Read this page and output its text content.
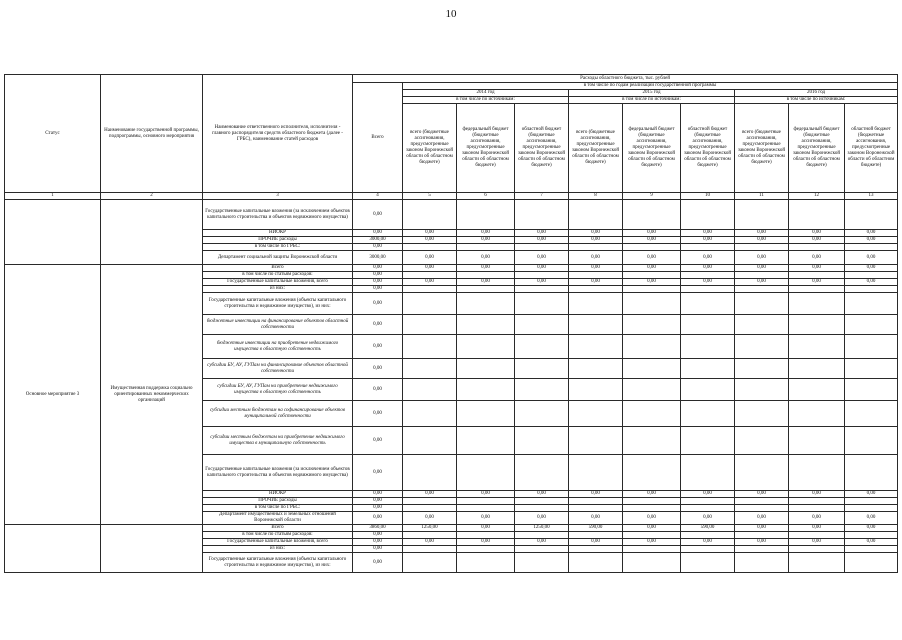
10
Статус	Наименование государственной программы, подпрограммы, основного мероприятия	Наименование ответственного исполнителя, исполнителя - главного распорядителя средств областного бюджета (далее - ГРБС), наименование статей расходов	Расходы областного бюджета, тыс. рублей									
			Всего	в том числе по годам реализации государственной программы								
				2014 год			2015 год			2016 год		
				в том числе по источникам:			в том числе по источникам:			в том числе по источникам:		
				всего (бюджетные ассигнования, предусмотренные законом Воронежской области об областном бюджете)	федеральный бюджет (бюджетные ассигнования, предусмотренные законом Воронежской области об областном бюджете)	областной бюджет (бюджетные ассигнования, предусмотренные законом Воронежской области об областном бюджете)	всего (бюджетные ассигнования, предусмотренные законом Воронежской области об областном бюджете)	федеральный бюджет (бюджетные ассигнования, предусмотренные законом Воронежской области об областном бюджете)	областной бюджет (бюджетные ассигнования, предусмотренные законом Воронежской области об областном бюджете)	всего (бюджетные ассигнования, предусмотренные законом Воронежской области об областном бюджете)	федеральный бюджет (бюджетные ассигнования, предусмотренные законом Воронежской области об областном бюджете)	областной бюджет (бюджетные ассигнования, предусмотренные законом Воронежской области об областном бюджете)
1	2	3	4	5	6	7	8	9	10	11	12	13
		Государственные капитальные вложения (за исключением объектов капитального строительства и объектов недвижимого имущества)	0,00									
		НИОКР	0,00	0,00	0,00	0,00	0,00	0,00	0,00	0,00	0,00	0,00
		ПРОЧИЕ расходы	3000,00	0,00	0,00	0,00	0,00	0,00	0,00	0,00	0,00	0,00
		в том числе по ГРБС:	0,00									
		Департамент социальной защиты Воронежской области	3000,00	0,00	0,00	0,00	0,00	0,00	0,00	0,00	0,00	0,00
Основное мероприятие 3	Имущественная поддержка социально ориентированных некоммерческих организаций	Всего	0,00	0,00	0,00	0,00	0,00	0,00	0,00	0,00	0,00	0,00
		в том числе по статьям расходов:	0,00									
		Государственные капитальные вложения, всего	0,00	0,00	0,00	0,00	0,00	0,00	0,00	0,00	0,00	0,00
		из них:	0,00									
		Государственные капитальные вложения (объекты капитального строительства и недвижимое имущество), из них:	0,00									
		бюджетные инвестиции на финансирование объектов областной собственности	0,00									
		бюджетные инвестиции на приобретение недвижимого имущества в областную собственность	0,00									
		субсидии БУ, АУ, ГУПам на финансирование объектов областной собственности	0,00									
		субсидии БУ, АУ, ГУПам на приобретение недвижимого имущества в областную собственность	0,00									
		субсидии местным бюджетам на софинансирование объектов муниципальной собственности	0,00									
		субсидии местным бюджетам на приобретение недвижимого имущества в муниципальную собственность	0,00									
		Государственные капитальные вложения (за исключением объектов капитального строительства и объектов недвижимого имущества)	0,00									
		НИОКР	0,00	0,00	0,00	0,00	0,00	0,00	0,00	0,00	0,00	0,00
		ПРОЧИЕ расходы	0,00									
		в том числе по ГРБС:	0,00									
		Департамент имущественных и земельных отношений Воронежской области	0,00	0,00	0,00	0,00	0,00	0,00	0,00	0,00	0,00	0,00
		Всего	3860,00	1250,00	0,00	1250,00	590,00	0,00	590,00	0,00	0,00	0,00
		в том числе по статьям расходов:	0,00									
		Государственные капитальные вложения, всего	0,00	0,00	0,00	0,00	0,00	0,00	0,00	0,00	0,00	0,00
		из них:	0,00									
		Государственные капитальные вложения (объекты капитального строительства и недвижимое имущество), из них:	0,00									
